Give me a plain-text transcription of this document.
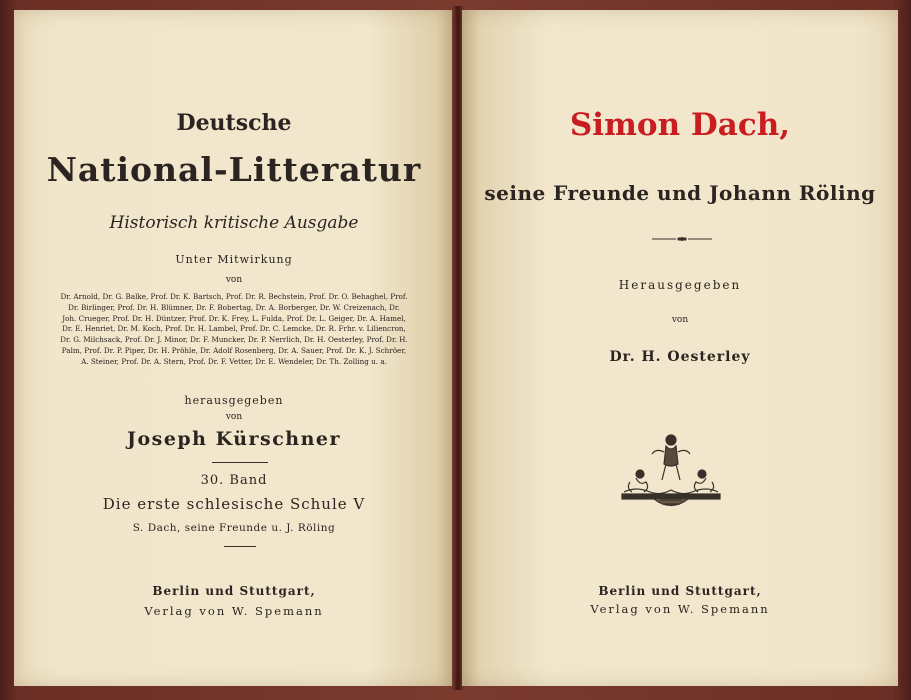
Deutsche
National-Litteratur
Historisch kritische Ausgabe
Unter Mitwirkung
von
Dr. Arnold, Dr. G. Balke, Prof. Dr. K. Bartsch, Prof. Dr. R. Bechstein, Prof. Dr. O. Behaghel, Prof. Dr. Birlinger, Prof. Dr. H. Blümner, Dr. F. Bobertag, Dr. A. Borberger, Dr. W. Creizenach, Dr. Joh. Crueger, Prof. Dr. H. Düntzer, Prof. Dr. K. Frey, L. Fulda, Prof. Dr. L. Geiger, Dr. A. Hamel, Dr. E. Henriet, Dr. M. Koch, Prof. Dr. H. Lambel, Prof. Dr. C. Lemcke, Dr. R. Frhr. v. Liliencron, Dr. G. Milchsack, Prof. Dr. J. Minor, Dr. F. Muncker, Dr. P. Nerrlich, Dr. H. Oesterley, Prof. Dr. H. Palm, Prof. Dr. P. Piper, Dr. H. Pröhle, Dr. Adolf Rosenberg, Dr. A. Sauer, Prof. Dr. K. J. Schröer, A. Steiner, Prof. Dr. A. Stern, Prof. Dr. F. Vetter, Dr. E. Wendeler, Dr. Th. Zolling u. a.
herausgegeben
von
Joseph Kürschner
30. Band
Die erste schlesische Schule V
S. Dach, seine Freunde u. J. Röling
Berlin und Stuttgart,
Verlag von W. Spemann
Simon Dach,
seine Freunde und Johann Röling
Herausgegeben
von
Dr. H. Oesterley
Berlin und Stuttgart,
Verlag von W. Spemann
